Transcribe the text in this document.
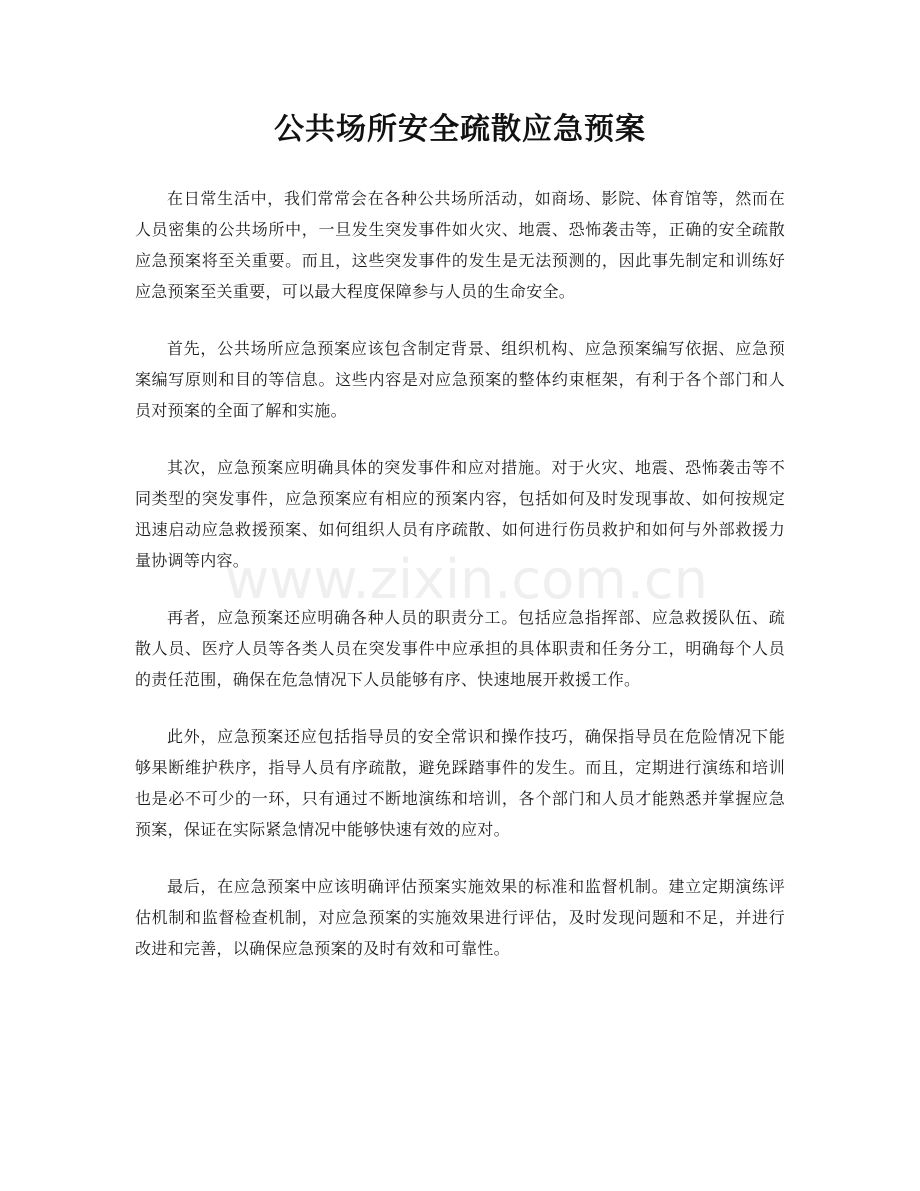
公共场所安全疏散应急预案

在日常生活中，我们常常会在各种公共场所活动，如商场、影院、体育馆等，然而在人员密集的公共场所中，一旦发生突发事件如火灾、地震、恐怖袭击等，正确的安全疏散应急预案将至关重要。而且，这些突发事件的发生是无法预测的，因此事先制定和训练好应急预案至关重要，可以最大程度保障参与人员的生命安全。

首先，公共场所应急预案应该包含制定背景、组织机构、应急预案编写依据、应急预案编写原则和目的等信息。这些内容是对应急预案的整体约束框架，有利于各个部门和人员对预案的全面了解和实施。

其次，应急预案应明确具体的突发事件和应对措施。对于火灾、地震、恐怖袭击等不同类型的突发事件，应急预案应有相应的预案内容，包括如何及时发现事故、如何按规定迅速启动应急救援预案、如何组织人员有序疏散、如何进行伤员救护和如何与外部救援力量协调等内容。

再者，应急预案还应明确各种人员的职责分工。包括应急指挥部、应急救援队伍、疏散人员、医疗人员等各类人员在突发事件中应承担的具体职责和任务分工，明确每个人员的责任范围，确保在危急情况下人员能够有序、快速地展开救援工作。

此外，应急预案还应包括指导员的安全常识和操作技巧，确保指导员在危险情况下能够果断维护秩序，指导人员有序疏散，避免踩踏事件的发生。而且，定期进行演练和培训也是必不可少的一环，只有通过不断地演练和培训，各个部门和人员才能熟悉并掌握应急预案，保证在实际紧急情况中能够快速有效的应对。

最后，在应急预案中应该明确评估预案实施效果的标准和监督机制。建立定期演练评估机制和监督检查机制，对应急预案的实施效果进行评估，及时发现问题和不足，并进行改进和完善，以确保应急预案的及时有效和可靠性。

www.zixin.com.cn
